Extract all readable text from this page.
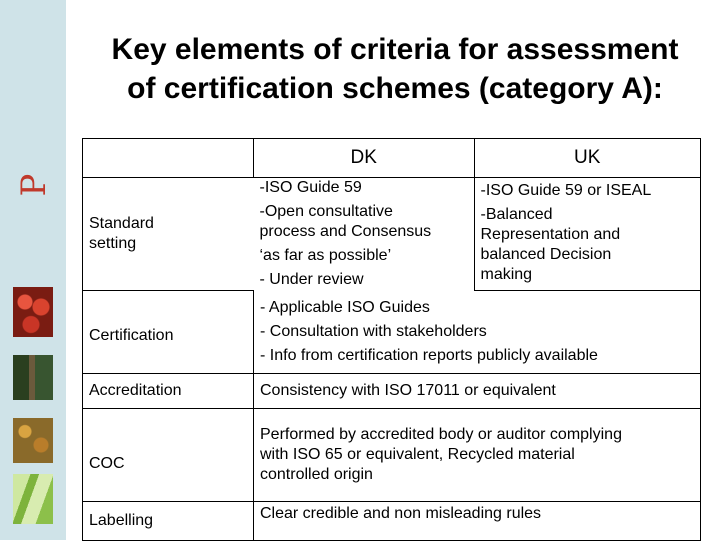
P
Key elements of criteria for assessment
of certification schemes (category A):
	DK	UK

Standard
setting	-ISO Guide 59
-Open consultative
process and Consensus
‘as far as possible’
- Under review	-ISO Guide 59 or ISEAL
-Balanced
Representation and
balanced Decision
making

Certification	- Applicable ISO Guides
- Consultation with stakeholders
- Info from certification reports publicly available	

Accreditation	Consistency with ISO 17011 or equivalent	
COC	Performed by accredited body or auditor complying
with ISO 65 or equivalent, Recycled material
controlled origin	

Labelling	Clear credible and non misleading rules	
